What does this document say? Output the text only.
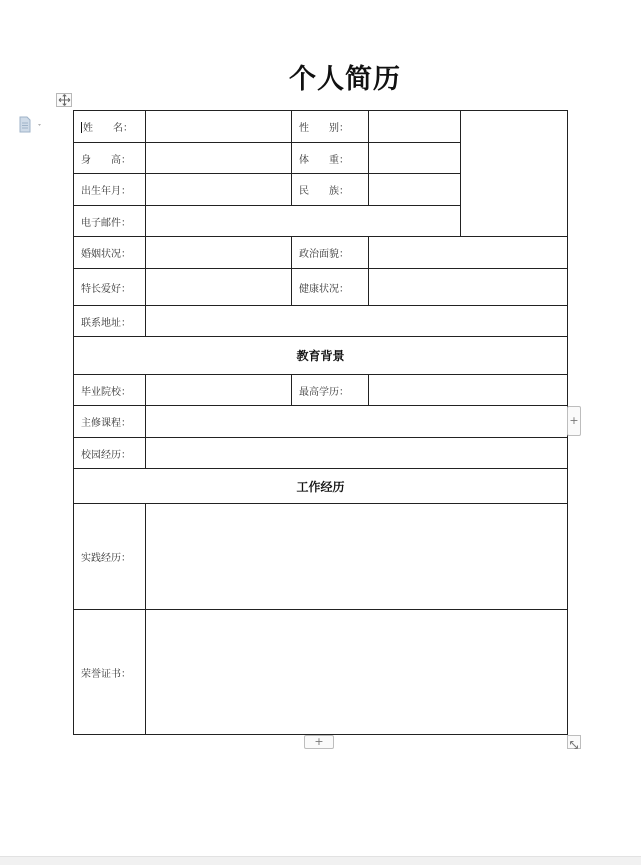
个人简历
姓　　名：		性　　别：		
身　　高：		体　　重：		
出生年月：		民　　族：		
电子邮件：				
婚姻状况：		政治面貌：		
特长爱好：		健康状况：		
联系地址：				
教育背景				
毕业院校：		最高学历：		
主修课程：				
校园经历：				
工作经历				
实践经历：				
荣誉证书：				
+
+
